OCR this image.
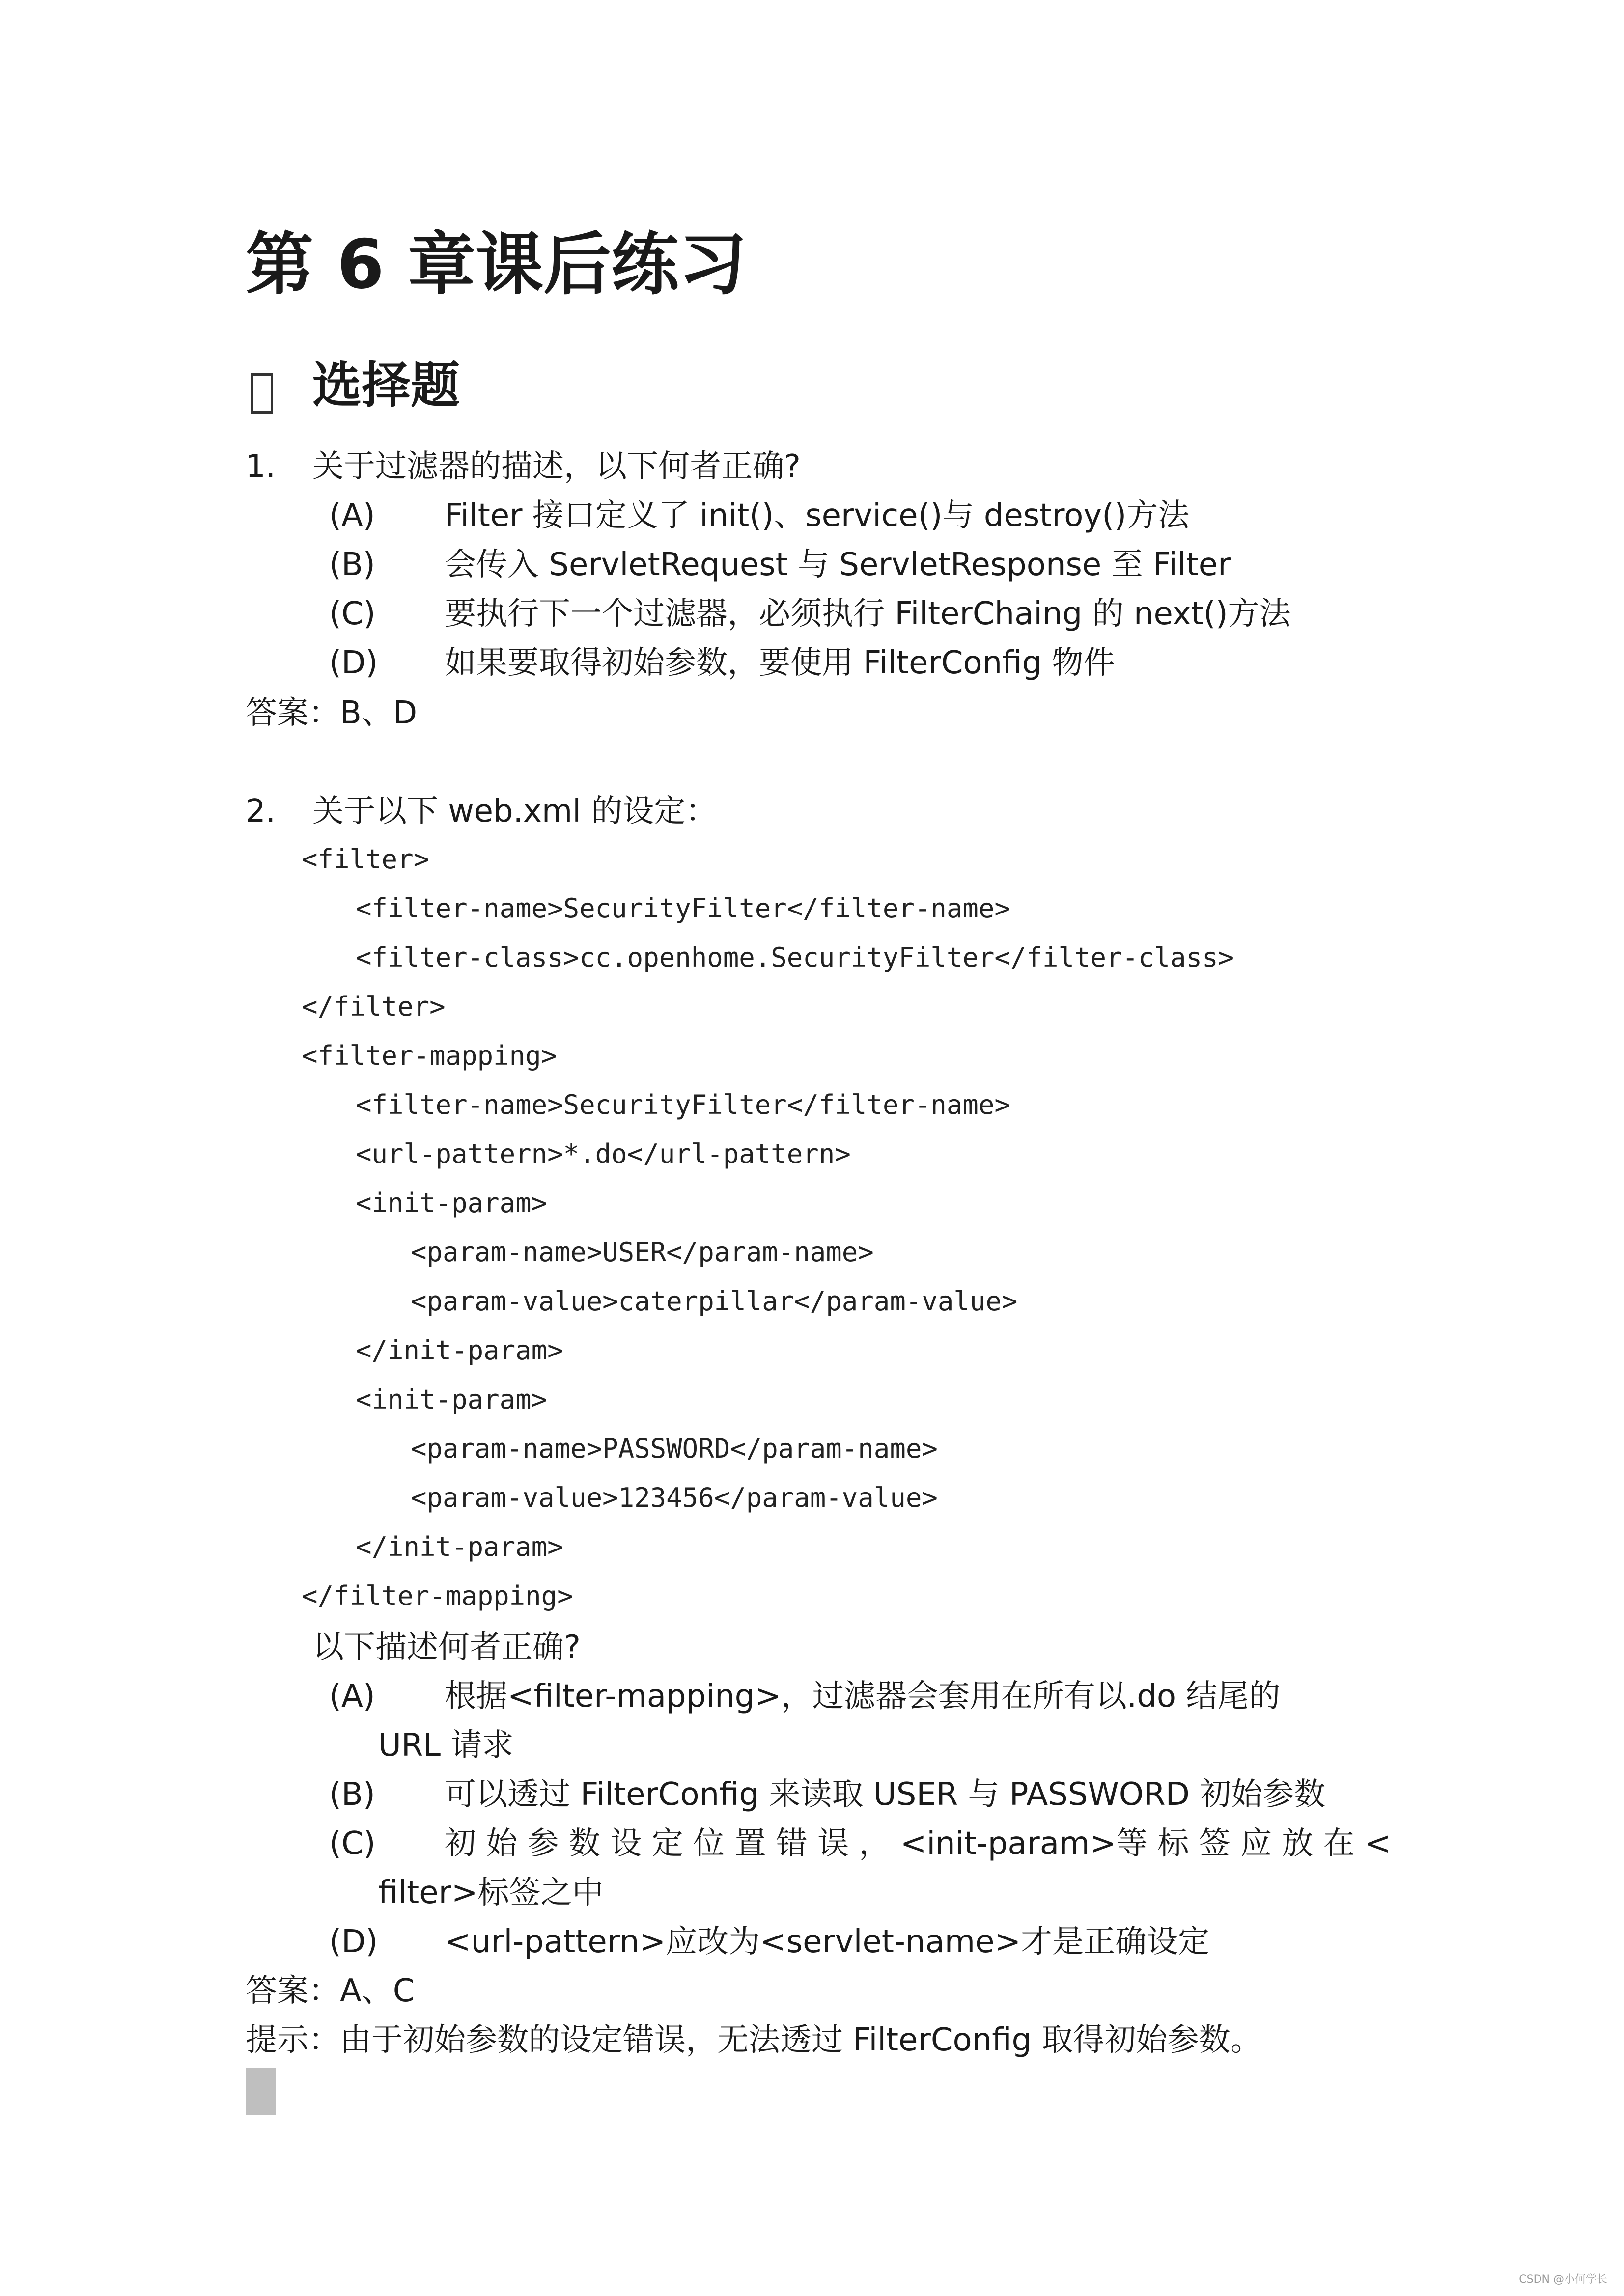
第 6 章课后练习
选择题
1. 关于过滤器的描述，以下何者正确?
(A) Filter 接口定义了 init()、service()与 destroy()方法
(B) 会传入 ServletRequest 与 ServletResponse 至 Filter
(C) 要执行下一个过滤器，必须执行 FilterChaing 的 next()方法
(D) 如果要取得初始参数，要使用 FilterConfig 物件
答案：B、D
2. 关于以下 web.xml 的设定：
<filter>
<filter-name>SecurityFilter</filter-name>
<filter-class>cc.openhome.SecurityFilter</filter-class>
</filter>
<filter-mapping>
<filter-name>SecurityFilter</filter-name>
<url-pattern>*.do</url-pattern>
<init-param>
<param-name>USER</param-name>
<param-value>caterpillar</param-value>
</init-param>
<init-param>
<param-name>PASSWORD</param-name>
<param-value>123456</param-value>
</init-param>
</filter-mapping>
以下描述何者正确?
(A) 根据<filter-mapping>，过滤器会套用在所有以.do 结尾的
URL 请求
(B) 可以透过 FilterConfig 来读取 USER 与 PASSWORD 初始参数
(C) 初 始 参 数 设 定 位 置 错 误 ， <init-param>等 标 签 应 放 在 <
filter>标签之中
(D) <url-pattern>应改为<servlet-name>才是正确设定
答案：A、C
提示：由于初始参数的设定错误，无法透过 FilterConfig 取得初始参数。
CSDN @小何学长
